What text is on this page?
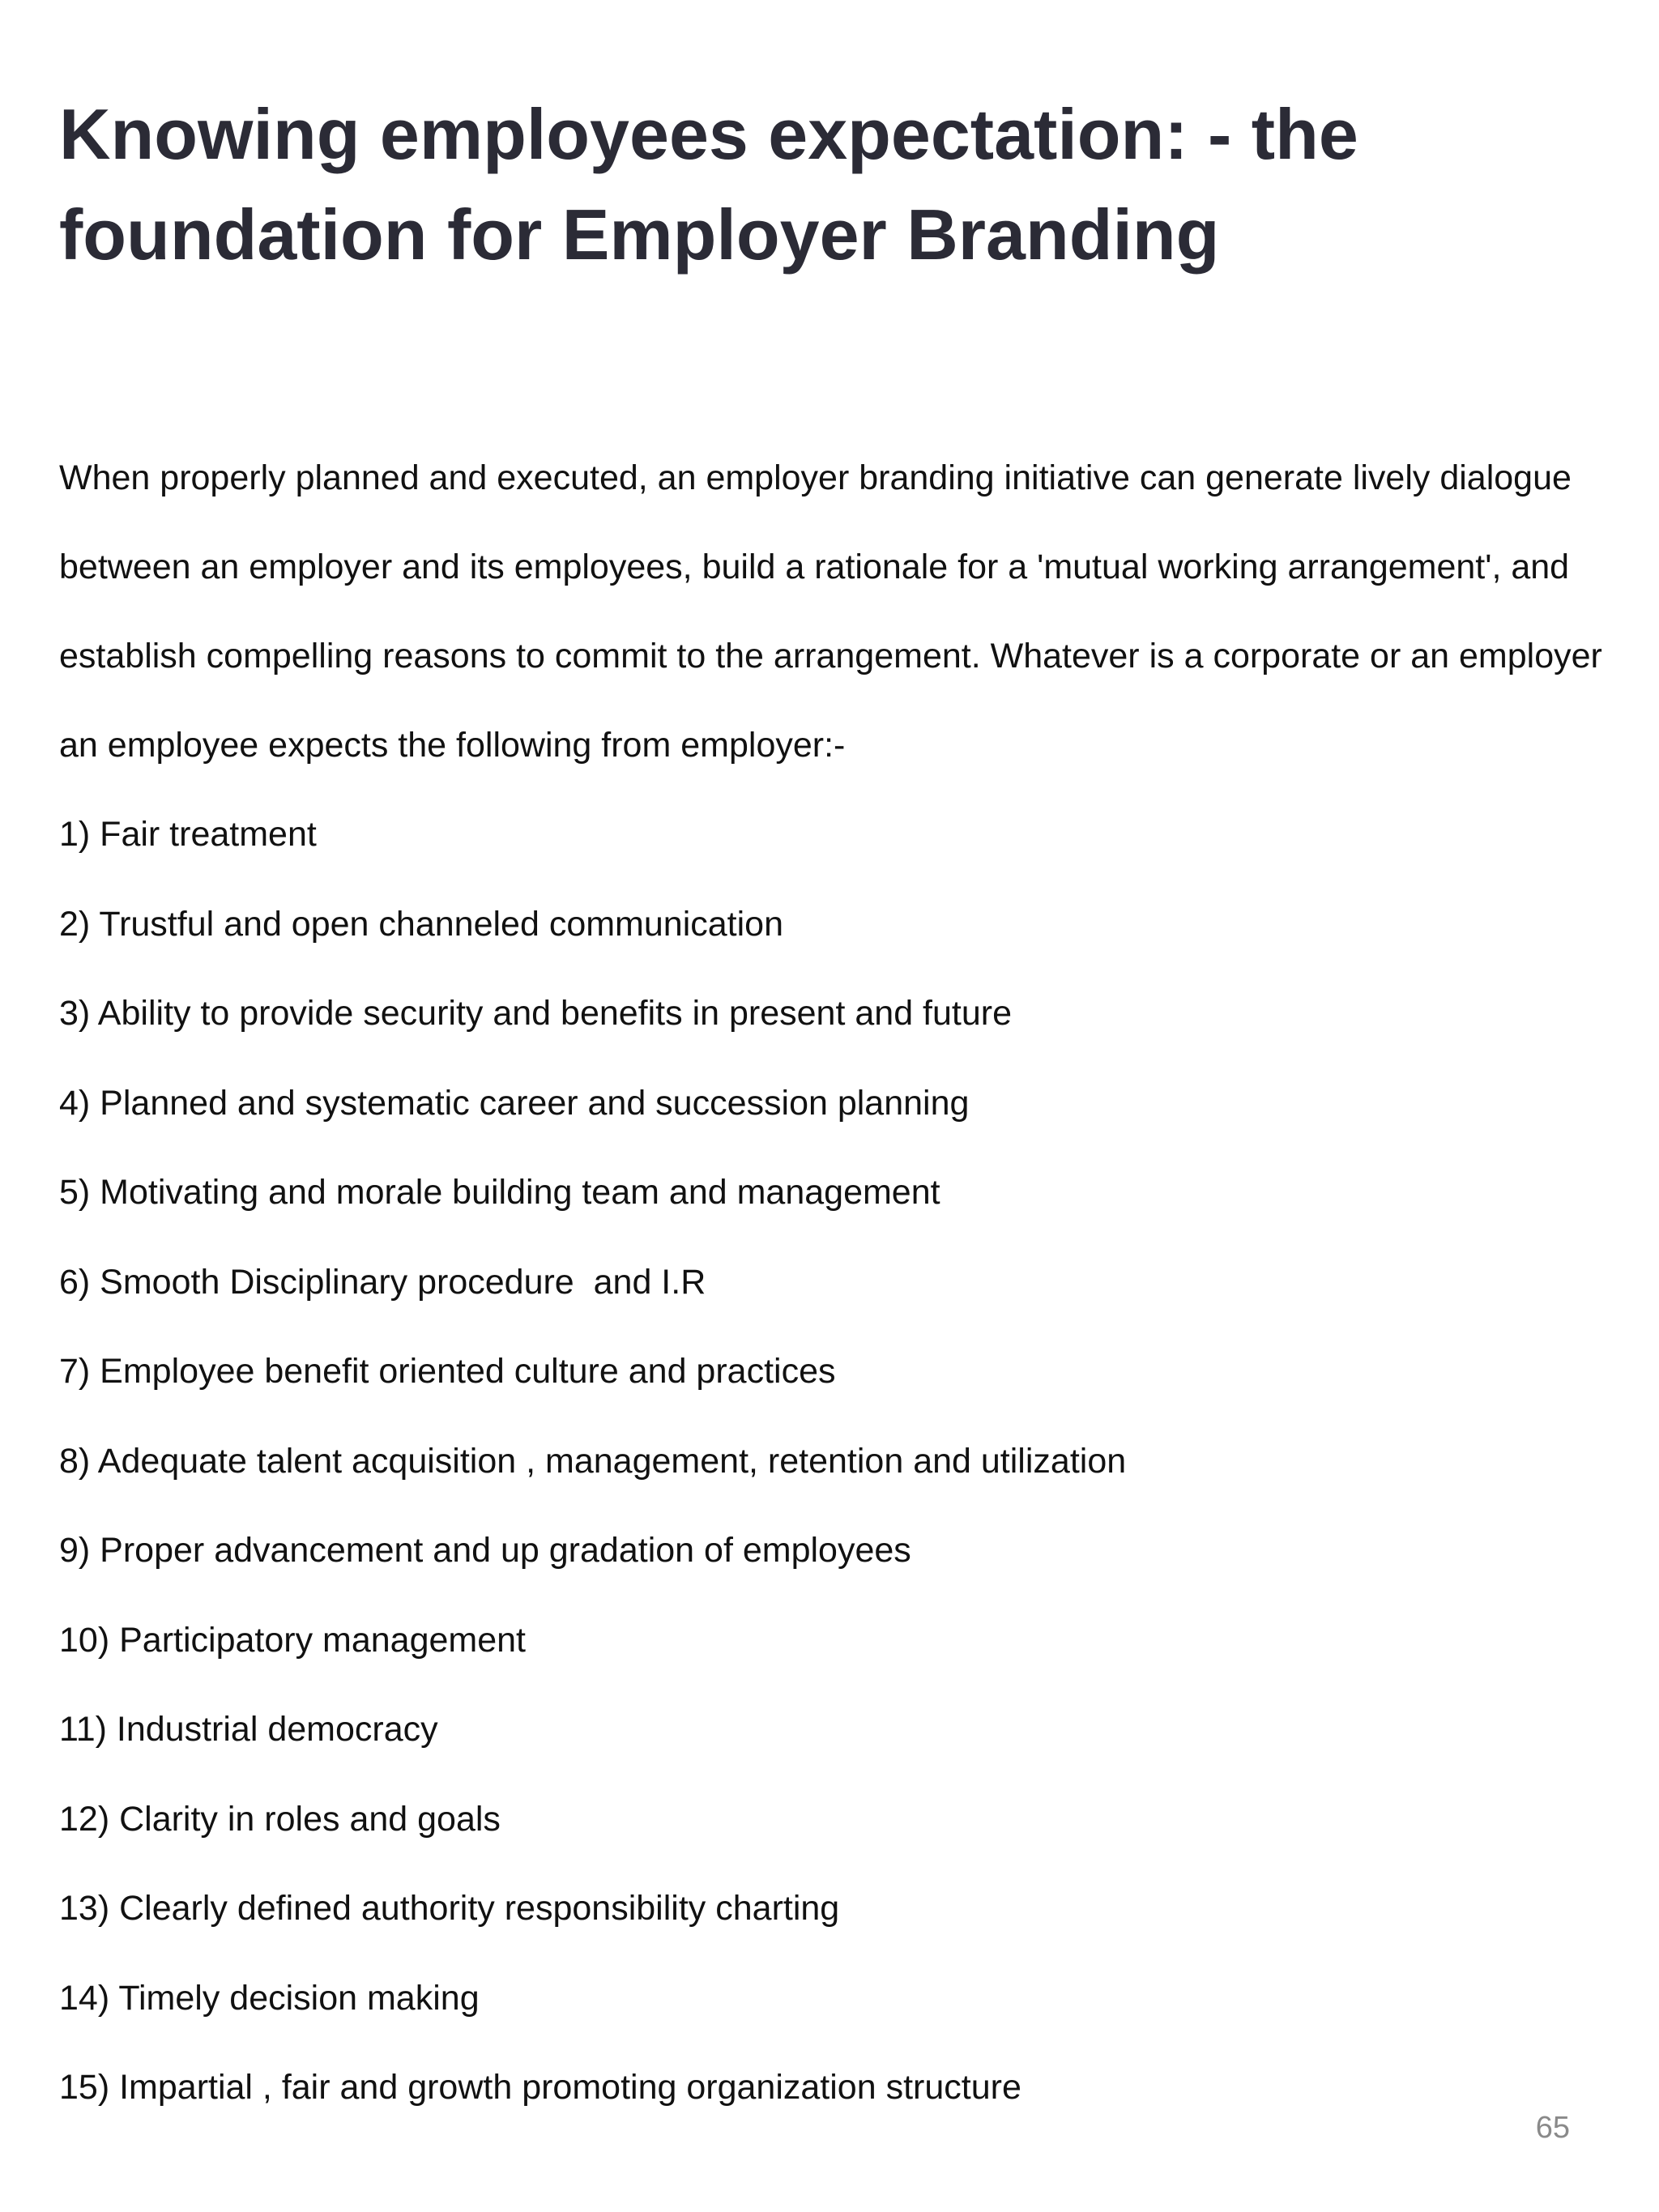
Knowing employees expectation: - the foundation for Employer Branding

When properly planned and executed, an employer branding initiative can generate lively dialogue between an employer and its employees, build a rationale for a 'mutual working arrangement', and establish compelling reasons to commit to the arrangement. Whatever is a corporate or an employer an employee expects the following from employer:-

1) Fair treatment
2) Trustful and open channeled communication
3) Ability to provide security and benefits in present and future
4) Planned and systematic career and succession planning
5) Motivating and morale building team and management
6) Smooth Disciplinary procedure  and I.R
7) Employee benefit oriented culture and practices
8) Adequate talent acquisition , management, retention and utilization
9) Proper advancement and up gradation of employees
10) Participatory management
11) Industrial democracy
12) Clarity in roles and goals
13) Clearly defined authority responsibility charting
14) Timely decision making
15) Impartial , fair and growth promoting organization structure
65
